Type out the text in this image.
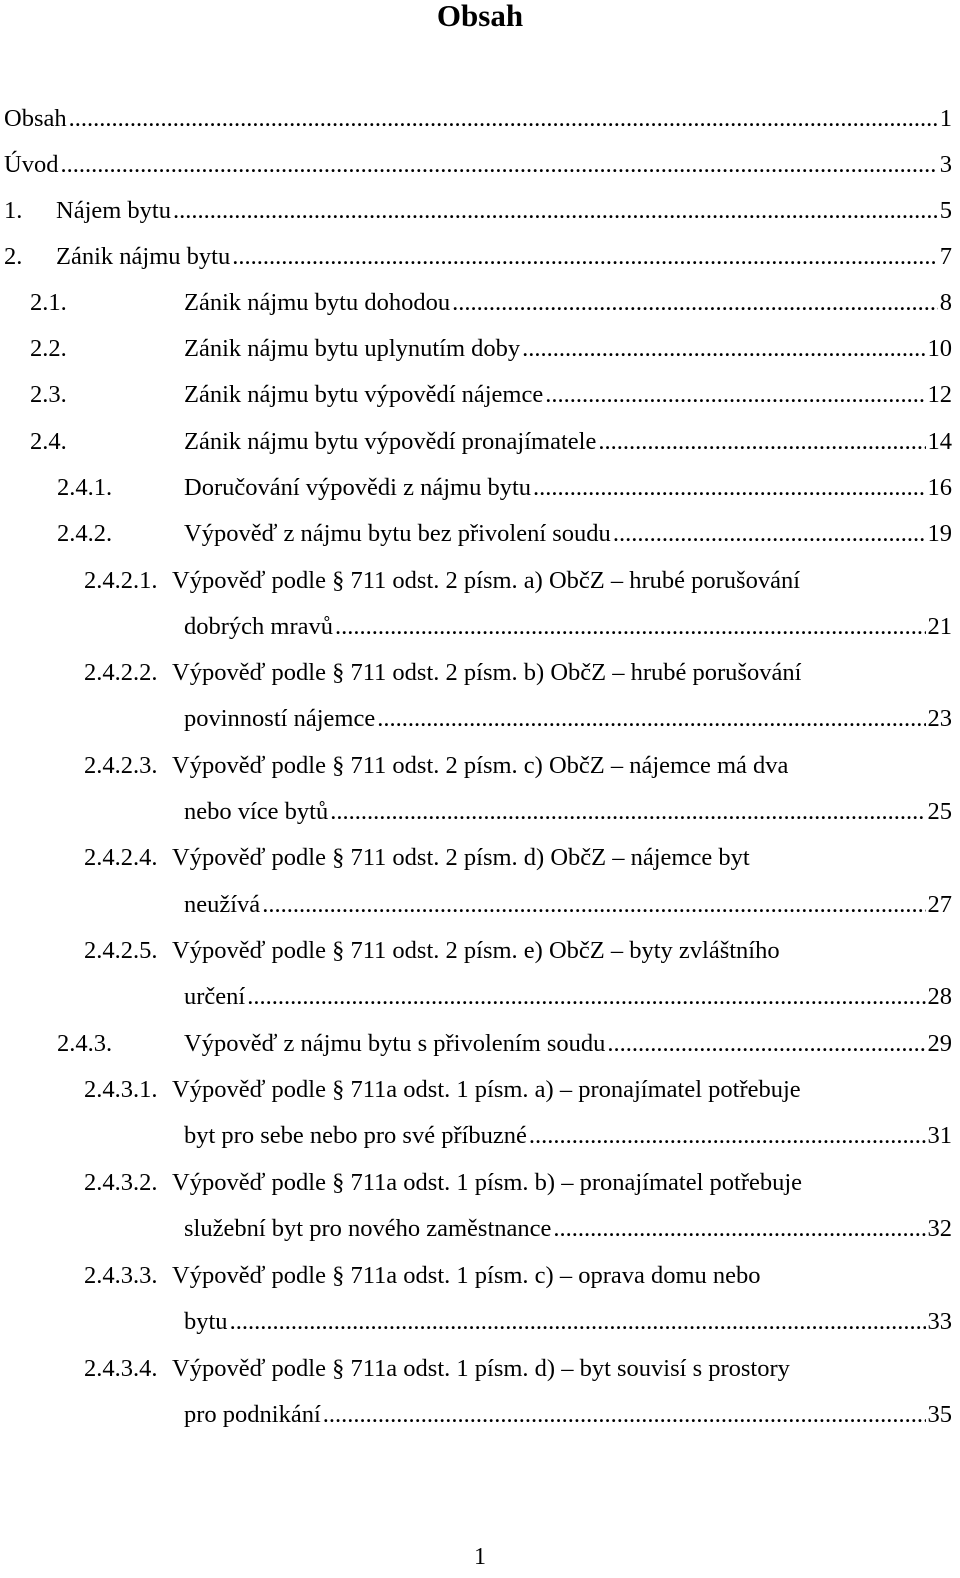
Obsah
Obsah .....	1
Úvod .....	3
1.	Nájem bytu .....	5
2.	Zánik nájmu bytu .....	7
2.1.	Zánik nájmu bytu dohodou .....	8
2.2.	Zánik nájmu bytu uplynutím doby .....	10
2.3.	Zánik nájmu bytu výpovědí nájemce .....	12
2.4.	Zánik nájmu bytu výpovědí pronajímatele .....	14
2.4.1.	Doručování výpovědi z nájmu bytu .....	16
2.4.2.	Výpověď z nájmu bytu bez přivolení soudu .....	19
2.4.2.1. Výpověď podle § 711 odst. 2 písm. a) ObčZ – hrubé porušování
dobrých mravů .....	21
2.4.2.2. Výpověď podle § 711 odst. 2 písm. b) ObčZ – hrubé porušování
povinností nájemce .....	23
2.4.2.3. Výpověď podle § 711 odst. 2 písm. c) ObčZ – nájemce má dva
nebo více bytů .....	25
2.4.2.4. Výpověď podle § 711 odst. 2 písm. d) ObčZ – nájemce byt
neužívá .....	27
2.4.2.5. Výpověď podle § 711 odst. 2 písm. e) ObčZ – byty zvláštního
určení .....	28
2.4.3.	Výpověď z nájmu bytu s přivolením soudu .....	29
2.4.3.1. Výpověď podle § 711a odst. 1 písm. a) – pronajímatel potřebuje
byt pro sebe nebo pro své příbuzné .....	31
2.4.3.2. Výpověď podle § 711a odst. 1 písm. b) – pronajímatel potřebuje
služební byt pro nového zaměstnance .....	32
2.4.3.3. Výpověď podle § 711a odst. 1 písm. c) – oprava domu nebo
bytu .....	33
2.4.3.4. Výpověď podle § 711a odst. 1 písm. d) – byt souvisí s prostory
pro podnikání .....	35
1
